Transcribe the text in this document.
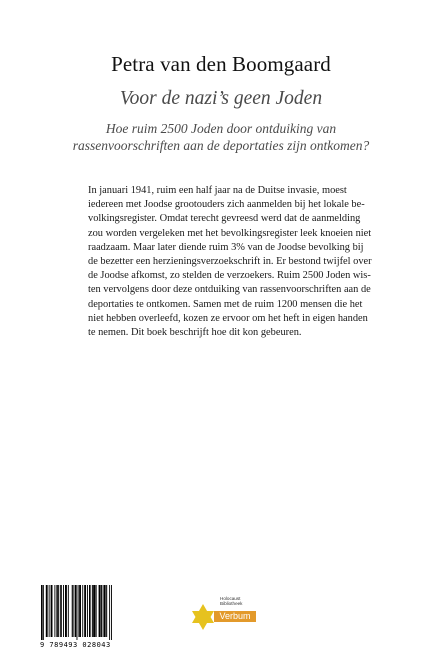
Petra van den Boomgaard
Voor de nazi’s geen Joden
Hoe ruim 2500 Joden door ontduiking van
rassenvoorschriften aan de deportaties zijn ontkomen?
In januari 1941, ruim een half jaar na de Duitse invasie, moest
iedereen met Joodse grootouders zich aanmelden bij het lokale be-
volkingsregister. Omdat terecht gevreesd werd dat de aanmelding
zou worden vergeleken met het bevolkingsregister leek knoeien niet
raadzaam. Maar later diende ruim 3% van de Joodse bevolking bij
de bezetter een herzieningsverzoekschrift in. Er bestond twijfel over
de Joodse afkomst, zo stelden de verzoekers. Ruim 2500 Joden wis-
ten vervolgens door deze ontduiking van rassenvoorschriften aan de
deportaties te ontkomen. Samen met de ruim 1200 mensen die het
niet hebben overleefd, kozen ze ervoor om het heft in eigen handen
te nemen. Dit boek beschrijft hoe dit kon gebeuren.
9 789493 028043
Holocaust
Bibliotheek
Verbum
